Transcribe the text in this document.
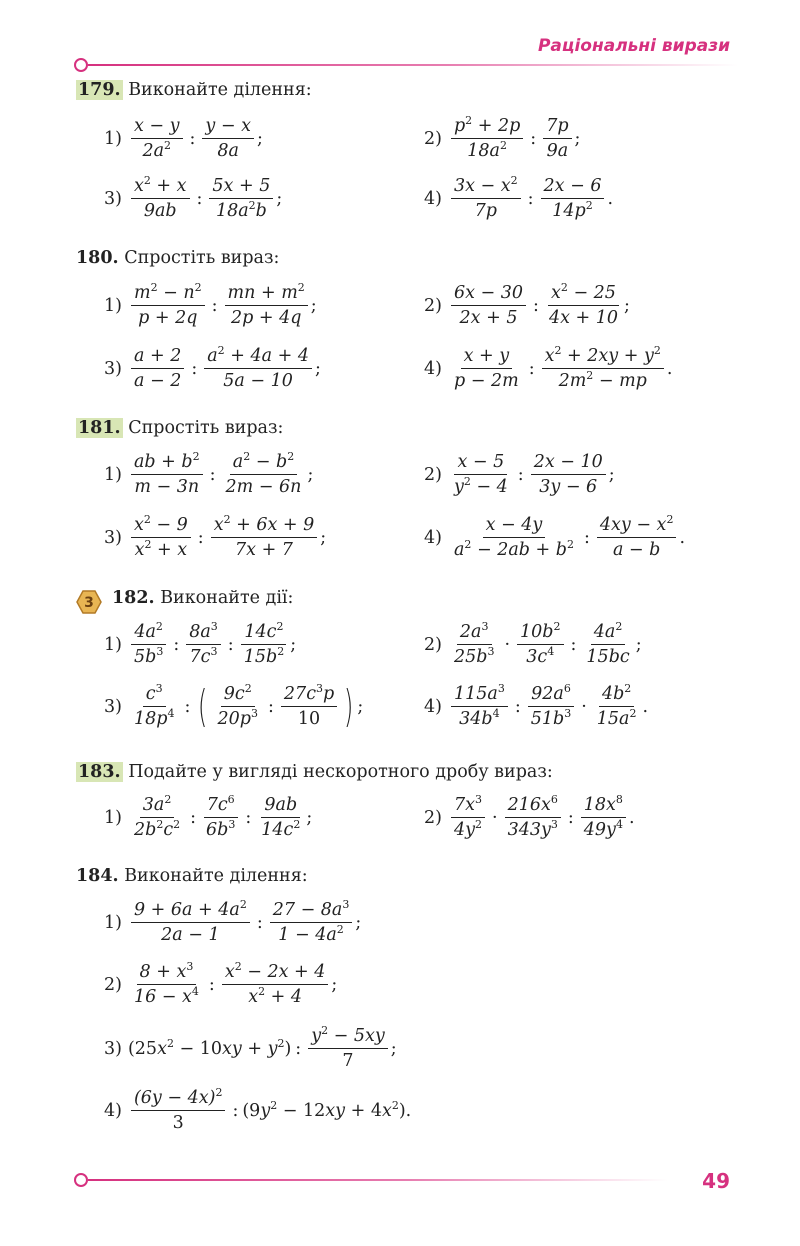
Раціональні вирази
179. Виконайте ділення:
$1) \frac{x - y}{2a^2}$ : $\frac{y - x}{8a}$ ;	$2) \frac{p^2 + 2p}{18a^2}$ : $\frac{7p}{9a}$ ;
$3) \frac{x^2 + x}{9ab}$ : $\frac{5x + 5}{18a^2b}$ ;	$4) \frac{3x - x^2}{7p}$ : $\frac{2x - 6}{14p^2}$ .
180. Спростіть вираз:
$1) \frac{m^2 - n^2}{p + 2q}$ : $\frac{mn + m^2}{2p + 4q}$ ;	$2) \frac{6x - 30}{2x + 5}$ : $\frac{x^2 - 25}{4x + 10}$ ;
$3) \frac{a + 2}{a - 2}$ : $\frac{a^2 + 4a + 4}{5a - 10}$ ;	$4) \frac{x + y}{p - 2m}$ : $\frac{x^2 + 2xy + y^2}{2m^2 - mp}$ .
181. Спростіть вираз:
$1) \frac{ab + b^2}{m - 3n}$ : $\frac{a^2 - b^2}{2m - 6n}$ ;	$2) \frac{x - 5}{y^2 - 4}$ : $\frac{2x - 10}{3y - 6}$ ;
$3) \frac{x^2 - 9}{x^2 + x}$ : $\frac{x^2 + 6x + 9}{7x + 7}$ ;	$4) \frac{x - 4y}{a^2 - 2ab + b^2}$ : $\frac{4xy - x^2}{a - b}$ .
3 182. Виконайте дії:
$1) \frac{4a^2}{5b^3}$ : $\frac{8a^3}{7c^3}$ : $\frac{14c^2}{15b^2}$ ;	$2) \frac{2a^3}{25b^3} \cdot \frac{10b^2}{3c^4}$ : $\frac{4a^2}{15bc}$ ;
$3) \frac{c^3}{18p^4}$ : ( $\frac{9c^2}{20p^3}$ : $\frac{27c^3p}{10}$ ) ;	$4) \frac{115a^3}{34b^4}$ : $\frac{92a^6}{51b^3} \cdot \frac{4b^2}{15a^2}$ .
183. Подайте у вигляді нескоротного дробу вираз:
$1) \frac{3a^2}{2b^2c^2}$ : $\frac{7c^6}{6b^3}$ : $\frac{9ab}{14c^2}$ ;	$2) \frac{7x^3}{4y^2} \cdot \frac{216x^6}{343y^3}$ : $\frac{18x^8}{49y^4}$ .
184. Виконайте ділення:
$1) \frac{9 + 6a + 4a^2}{2a - 1}$ : $\frac{27 - 8a^3}{1 - 4a^2}$ ;
$2) \frac{8 + x^3}{16 - x^4}$ : $\frac{x^2 - 2x + 4}{x^2 + 4}$ ;
3) $(25x^2 - 10xy + y^2)$ : $\frac{y^2 - 5xy}{7}$ ;
$4) \frac{(6y - 4x)^2}{3}$ : $(9y^2 - 12xy + 4x^2)$ .
49
